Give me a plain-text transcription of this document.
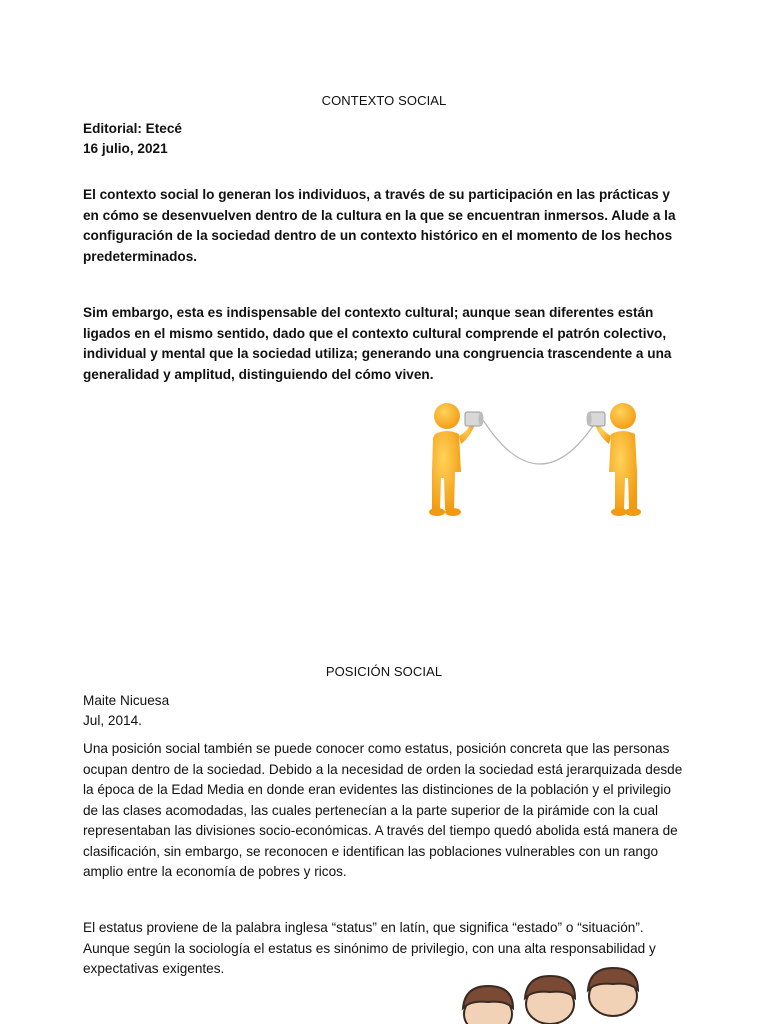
CONTEXTO SOCIAL
Editorial: Etecé
16 julio, 2021

El contexto social lo generan los individuos, a través de su participación en las prácticas y en cómo se desenvuelven dentro de la cultura en la que se encuentran inmersos. Alude a la configuración de la sociedad dentro de un contexto histórico en el momento de los hechos predeterminados.

Sim embargo, esta es indispensable del contexto cultural; aunque sean diferentes están ligados en el mismo sentido, dado que el contexto cultural comprende el patrón colectivo, individual y mental que la sociedad utiliza; generando una congruencia trascendente a una generalidad y amplitud, distinguiendo del cómo viven.

POSICIÓN SOCIAL
Maite Nicuesa
Jul, 2014.

Una posición social también se puede conocer como estatus, posición concreta que las personas ocupan dentro de la sociedad. Debido a la necesidad de orden la sociedad está jerarquizada desde la época de la Edad Media en donde eran evidentes las distinciones de la población y el privilegio de las clases acomodadas, las cuales pertenecían a la parte superior de la pirámide con la cual representaban las divisiones socio-económicas. A través del tiempo quedó abolida está manera de clasificación, sin embargo, se reconocen e identifican las poblaciones vulnerables con un rango amplio entre la economía de pobres y ricos.

El estatus proviene de la palabra inglesa “status” en latín, que significa “estado” o “situación”. Aunque según la sociología el estatus es sinónimo de privilegio, con una alta responsabilidad y expectativas exigentes.
